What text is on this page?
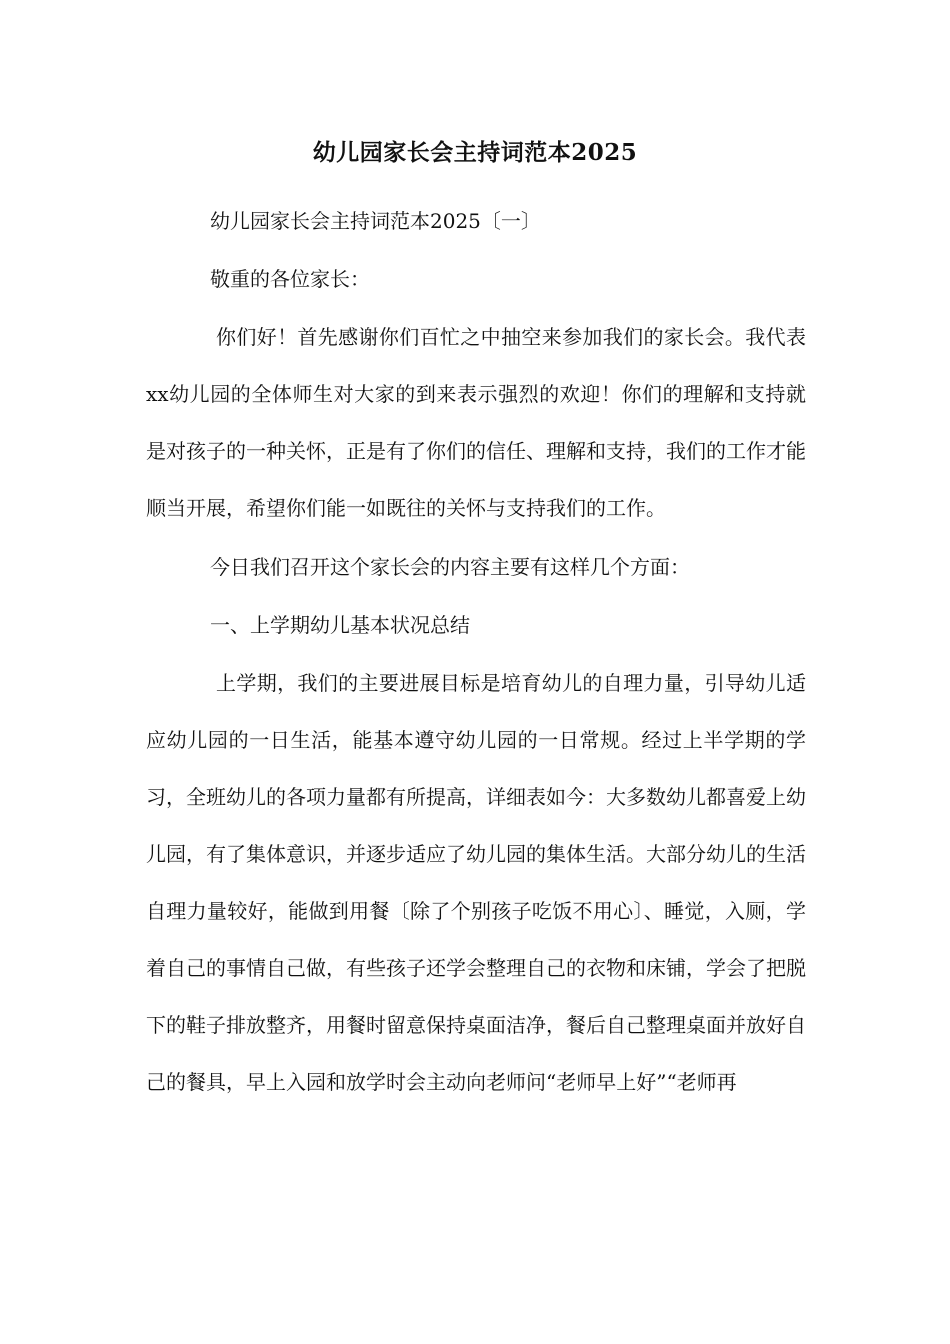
幼儿园家长会主持词范本2025

幼儿园家长会主持词范本2025〔一〕

敬重的各位家长：

你们好！首先感谢你们百忙之中抽空来参加我们的家长会。我代表xx幼儿园的全体师生对大家的到来表示强烈的欢迎！你们的理解和支持就是对孩子的一种关怀，正是有了你们的信任、理解和支持，我们的工作才能顺当开展，希望你们能一如既往的关怀与支持我们的工作。

今日我们召开这个家长会的内容主要有这样几个方面：

一、上学期幼儿基本状况总结

上学期，我们的主要进展目标是培育幼儿的自理力量，引导幼儿适应幼儿园的一日生活，能基本遵守幼儿园的一日常规。经过上半学期的学习，全班幼儿的各项力量都有所提高，详细表如今：大多数幼儿都喜爱上幼儿园，有了集体意识，并逐步适应了幼儿园的集体生活。大部分幼儿的生活自理力量较好，能做到用餐〔除了个别孩子吃饭不用心〕、睡觉，入厕，学着自己的事情自己做，有些孩子还学会整理自己的衣物和床铺，学会了把脱下的鞋子排放整齐，用餐时留意保持桌面洁净，餐后自己整理桌面并放好自己的餐具，早上入园和放学时会主动向老师问“老师早上好”“老师再
